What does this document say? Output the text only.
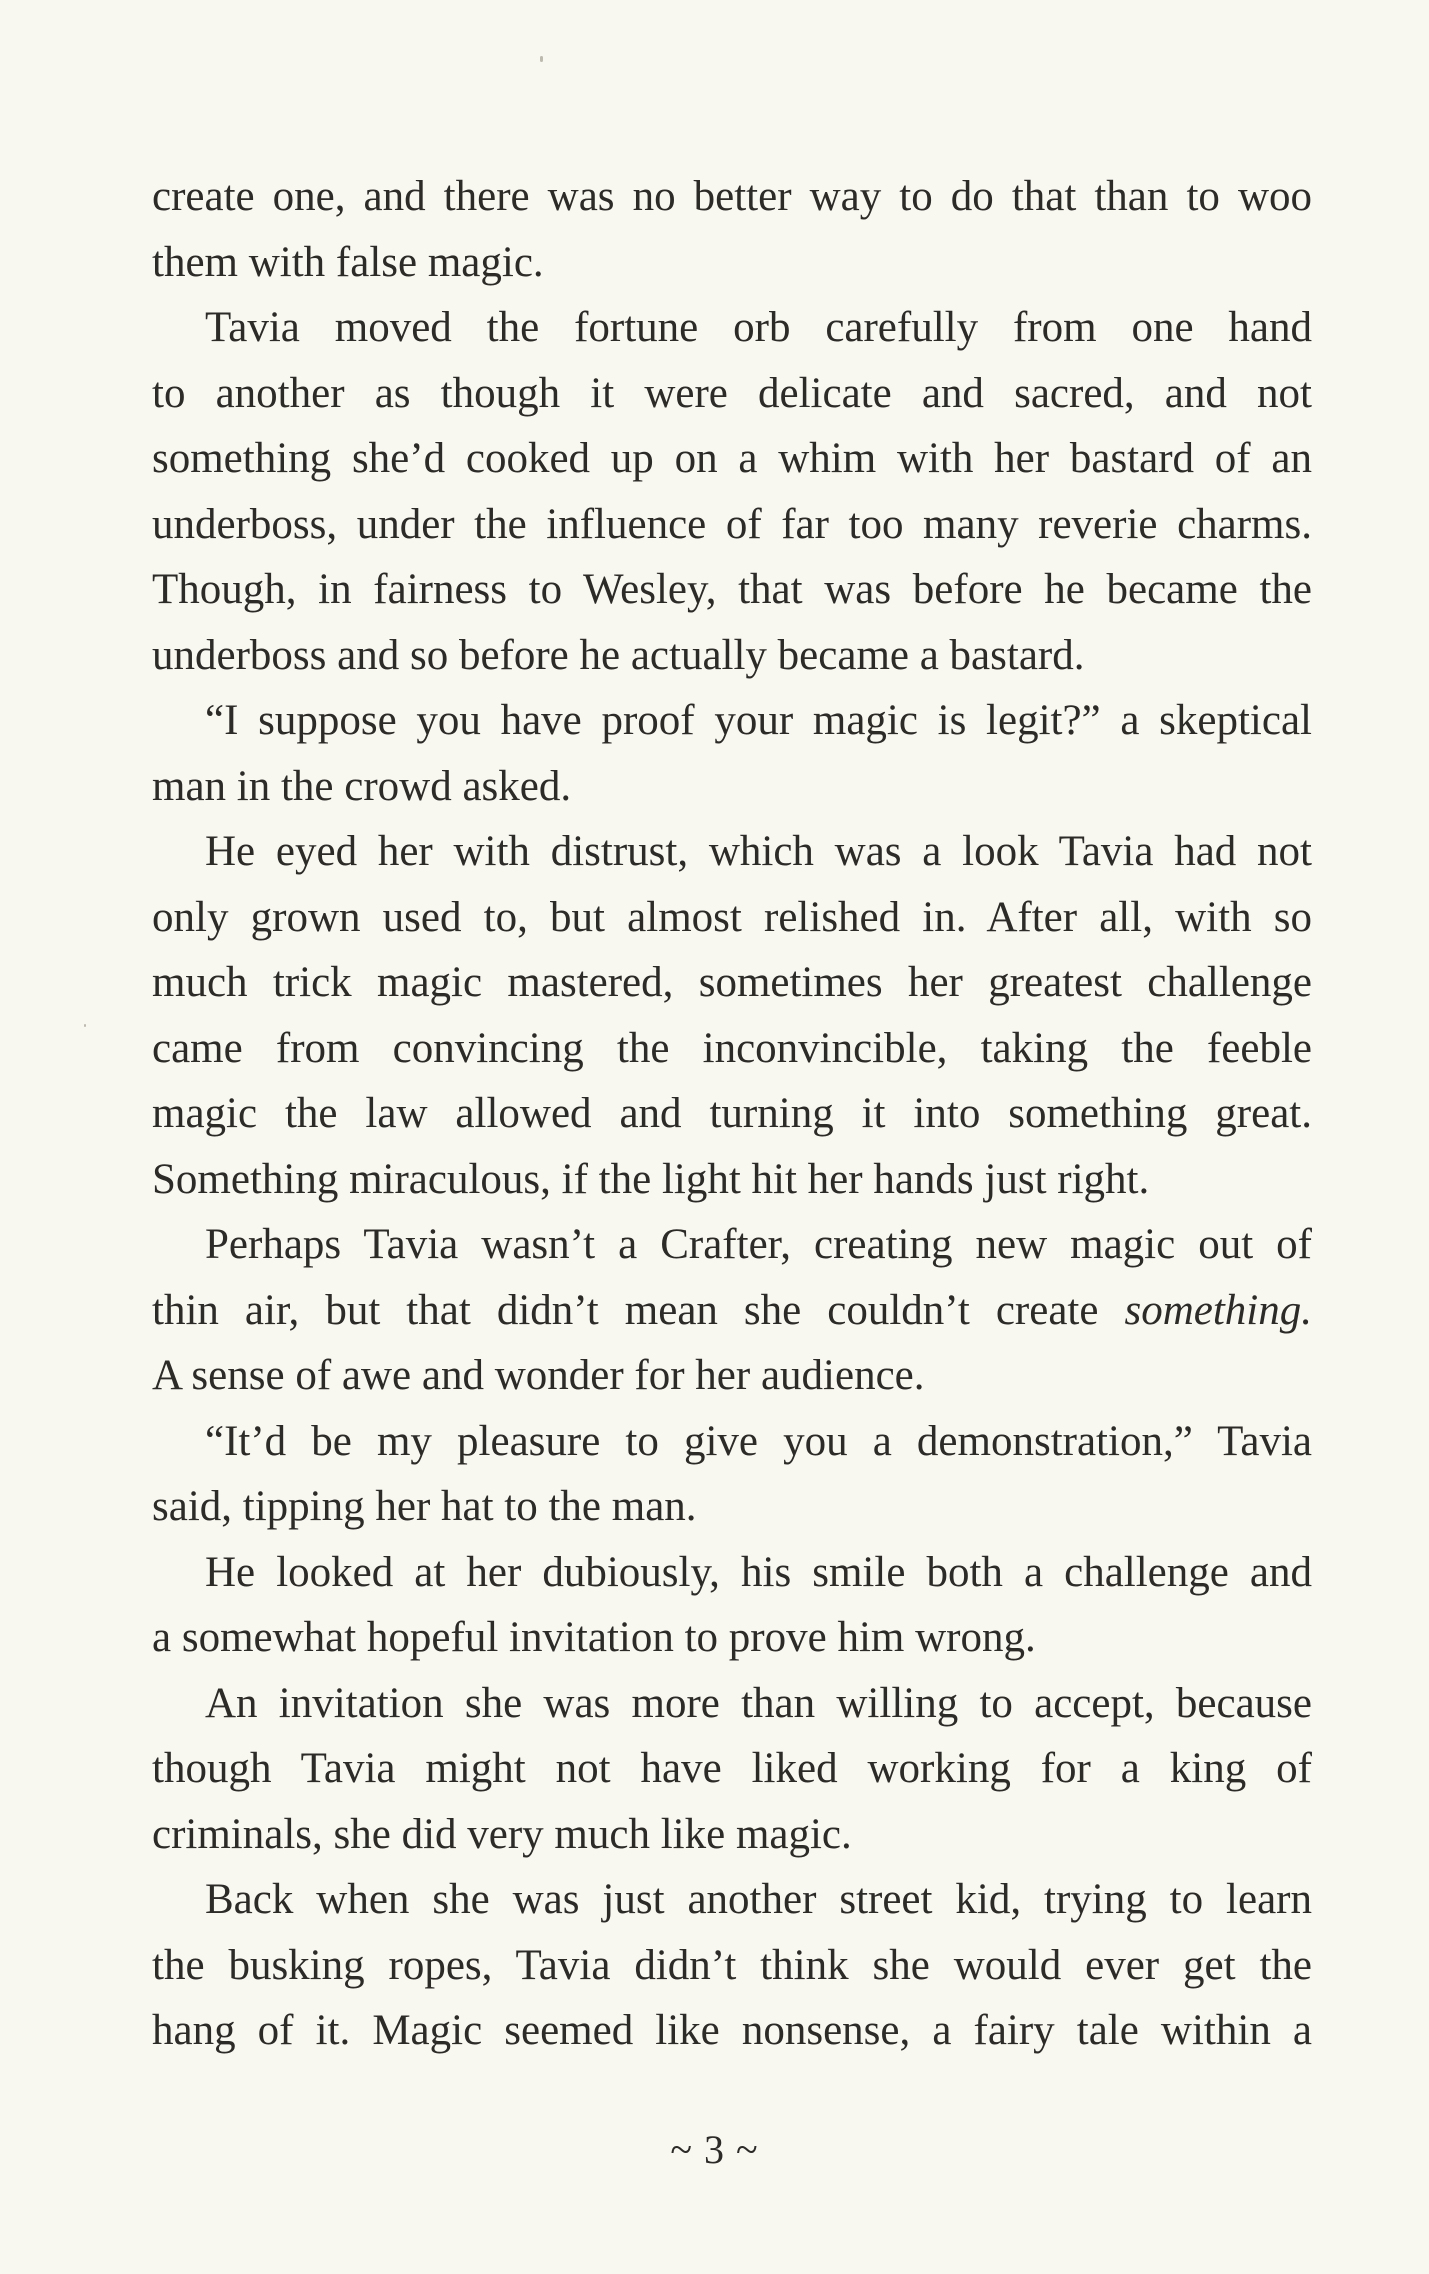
create one, and there was no better way to do that than to woo
them with false magic.
Tavia moved the fortune orb carefully from one hand
to another as though it were delicate and sacred, and not
something she’d cooked up on a whim with her bastard of an
underboss, under the influence of far too many reverie charms.
Though, in fairness to Wesley, that was before he became the
underboss and so before he actually became a bastard.
“I suppose you have proof your magic is legit?” a skeptical
man in the crowd asked.
He eyed her with distrust, which was a look Tavia had not
only grown used to, but almost relished in. After all, with so
much trick magic mastered, sometimes her greatest challenge
came from convincing the inconvincible, taking the feeble
magic the law allowed and turning it into something great.
Something miraculous, if the light hit her hands just right.
Perhaps Tavia wasn’t a Crafter, creating new magic out of
thin air, but that didn’t mean she couldn’t create something.
A sense of awe and wonder for her audience.
“It’d be my pleasure to give you a demonstration,” Tavia
said, tipping her hat to the man.
He looked at her dubiously, his smile both a challenge and
a somewhat hopeful invitation to prove him wrong.
An invitation she was more than willing to accept, because
though Tavia might not have liked working for a king of
criminals, she did very much like magic.
Back when she was just another street kid, trying to learn
the busking ropes, Tavia didn’t think she would ever get the
hang of it. Magic seemed like nonsense, a fairy tale within a
~ 3 ~
